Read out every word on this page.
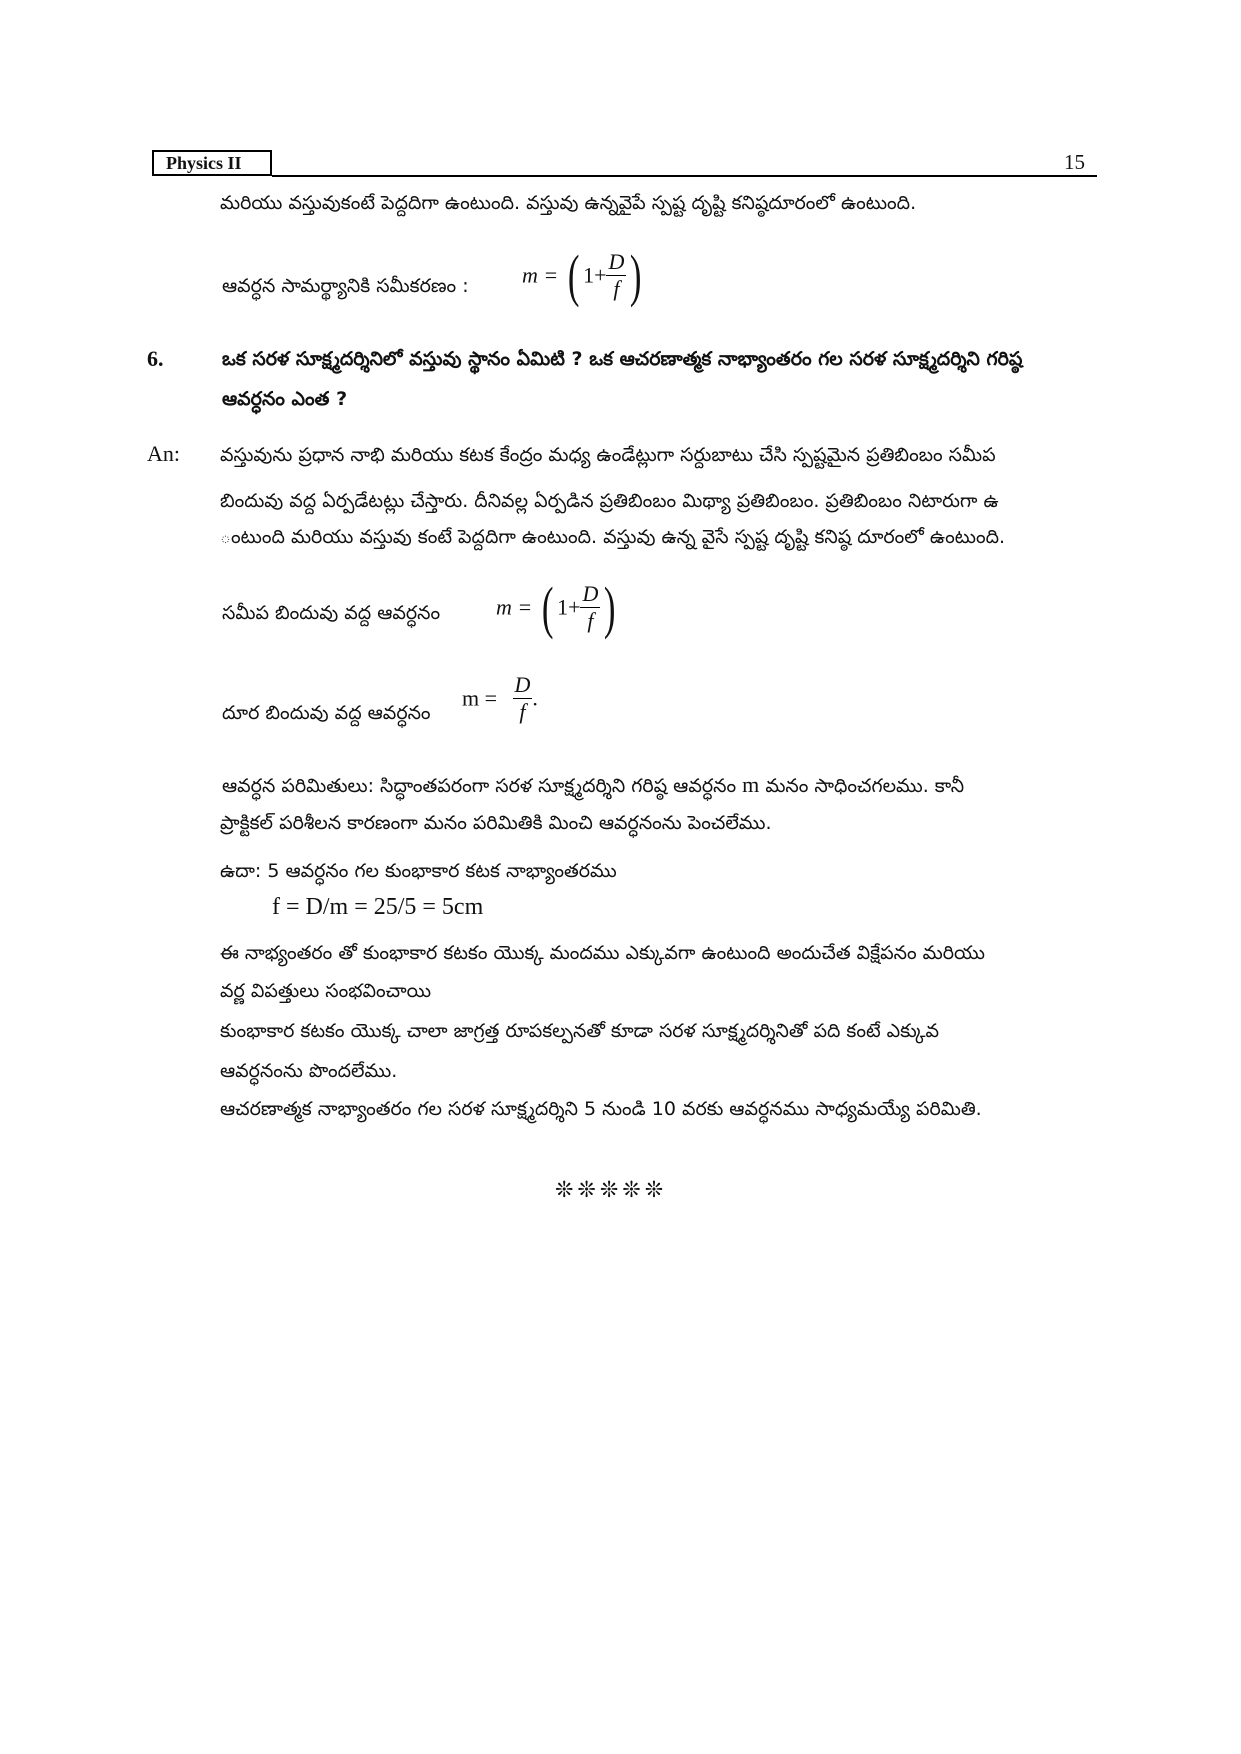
Physics II	15
మరియు వస్తువుకంటే పెద్దదిగా ఉంటుంది. వస్తువు ఉన్నవైపే స్పష్ట దృష్టి కనిష్ఠదూరంలో ఉంటుంది.
ఆవర్ధన సామర్థ్యానికి సమీకరణం : m = ( $1+ \frac{D}{f}$ )
6.	ఒక సరళ సూక్ష్మదర్శినిలో వస్తువు స్థానం ఏమిటి ? ఒక ఆచరణాత్మక నాభ్యాంతరం గల సరళ సూక్ష్మదర్శిని గరిష్ఠ
ఆవర్ధనం ఎంత ?
An: వస్తువును ప్రధాన నాభి మరియు కటక కేంద్రం మధ్య ఉండేట్లుగా సర్దుబాటు చేసి స్పష్టమైన ప్రతిబింబం సమీప
బిందువు వద్ద ఏర్పడేటట్లు చేస్తారు. దీనివల్ల ఏర్పడిన ప్రతిబింబం మిథ్యా ప్రతిబింబం. ప్రతిబింబం నిటారుగా ఉ
ంటుంది మరియు వస్తువు కంటే పెద్దదిగా ఉంటుంది. వస్తువు ఉన్న వైసే స్పష్ట దృష్టి కనిష్ఠ దూరంలో ఉంటుంది.
సమీప బిందువు వద్ద ఆవర్ధనం	m = ( $1+ \frac{D}{f}$ )
దూర బిందువు వద్ద ఆవర్ధనం
$m = \frac{D}{f}$ .
ఆవర్ధన పరిమితులు: సిద్ధాంతపరంగా సరళ సూక్ష్మదర్శిని గరిష్ఠ ఆవర్ధనం m మనం సాధించగలము. కానీ
ప్రాక్టికల్ పరిశీలన కారణంగా మనం పరిమితికి మించి ఆవర్ధనంను పెంచలేము.
ఉదా: 5 ఆవర్ధనం గల కుంభాకార కటక నాభ్యాంతరము
f = D/m = 25/5 = 5cm
ఈ నాభ్యంతరం తో కుంభాకార కటకం యొక్క మందము ఎక్కువగా ఉంటుంది అందుచేత విక్షేపనం మరియు
వర్ణ విపత్తులు సంభవించాయి
కుంభాకార కటకం యొక్క చాలా జాగ్రత్త రూపకల్పనతో కూడా సరళ సూక్ష్మదర్శినితో పది కంటే ఎక్కువ
ఆవర్ధనంను పొందలేము.
ఆచరణాత్మక నాభ్యాంతరం గల సరళ సూక్ష్మదర్శిని 5 నుండి 10 వరకు ఆవర్ధనము సాధ్యమయ్యే పరిమితి.
❊❊❊❊❊
